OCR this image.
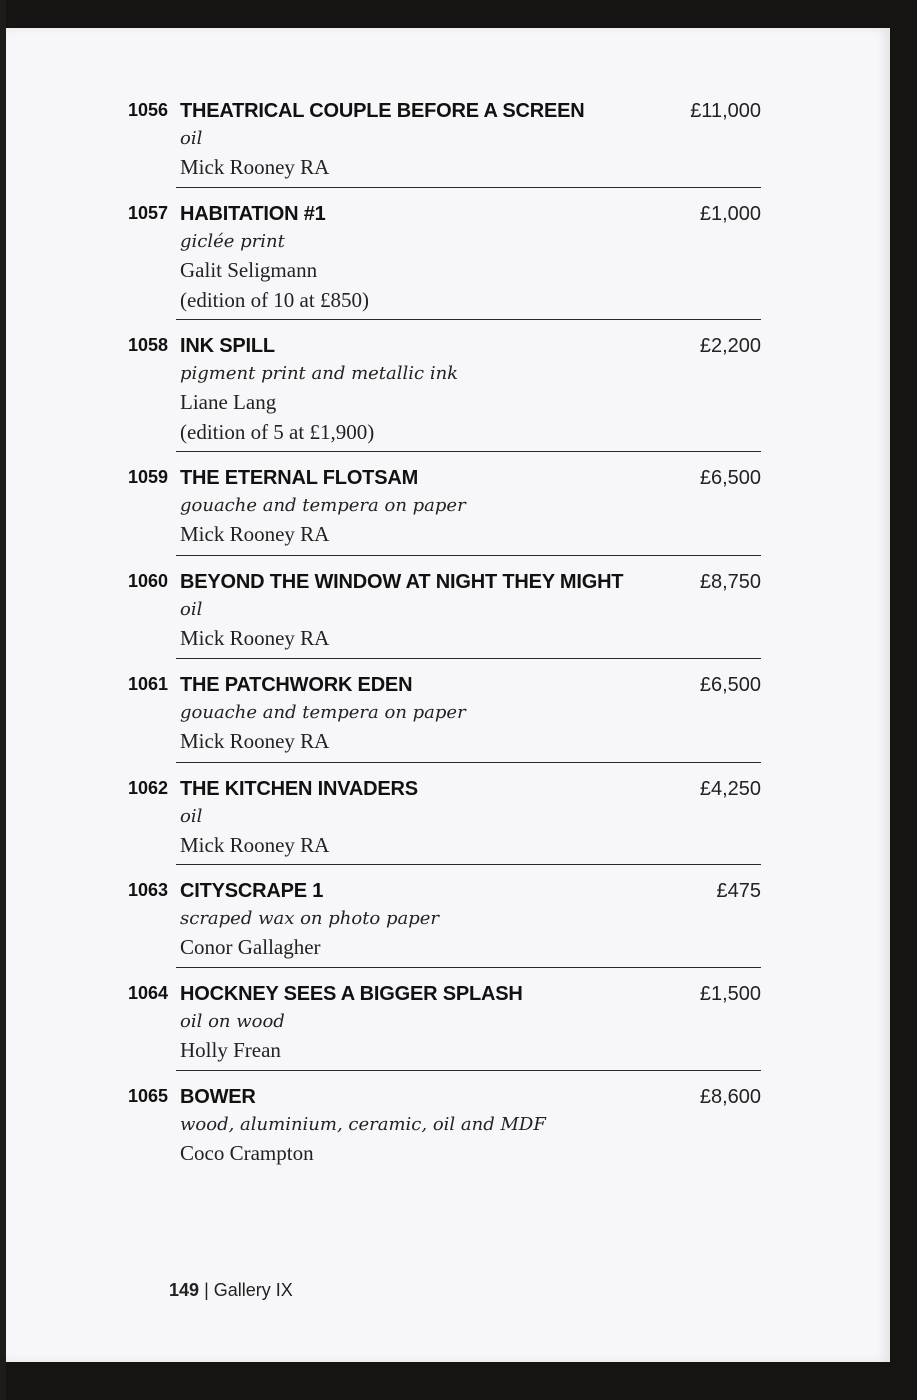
1056 THEATRICAL COUPLE BEFORE A SCREEN	£11,000
oil
Mick Rooney RA
1057 HABITATION #1	£1,000
giclée print
Galit Seligmann
(edition of 10 at £850)
1058 INK SPILL	£2,200
pigment print and metallic ink
Liane Lang
(edition of 5 at £1,900)
1059 THE ETERNAL FLOTSAM	£6,500
gouache and tempera on paper
Mick Rooney RA
1060 BEYOND THE WINDOW AT NIGHT THEY MIGHT	£8,750
oil
Mick Rooney RA
1061 THE PATCHWORK EDEN	£6,500
gouache and tempera on paper
Mick Rooney RA
1062 THE KITCHEN INVADERS	£4,250
oil
Mick Rooney RA
1063 CITYSCRAPE 1	£475
scraped wax on photo paper
Conor Gallagher
1064 HOCKNEY SEES A BIGGER SPLASH	£1,500
oil on wood
Holly Frean
1065 BOWER	£8,600
wood, aluminium, ceramic, oil and MDF
Coco Crampton
149 | Gallery IX
